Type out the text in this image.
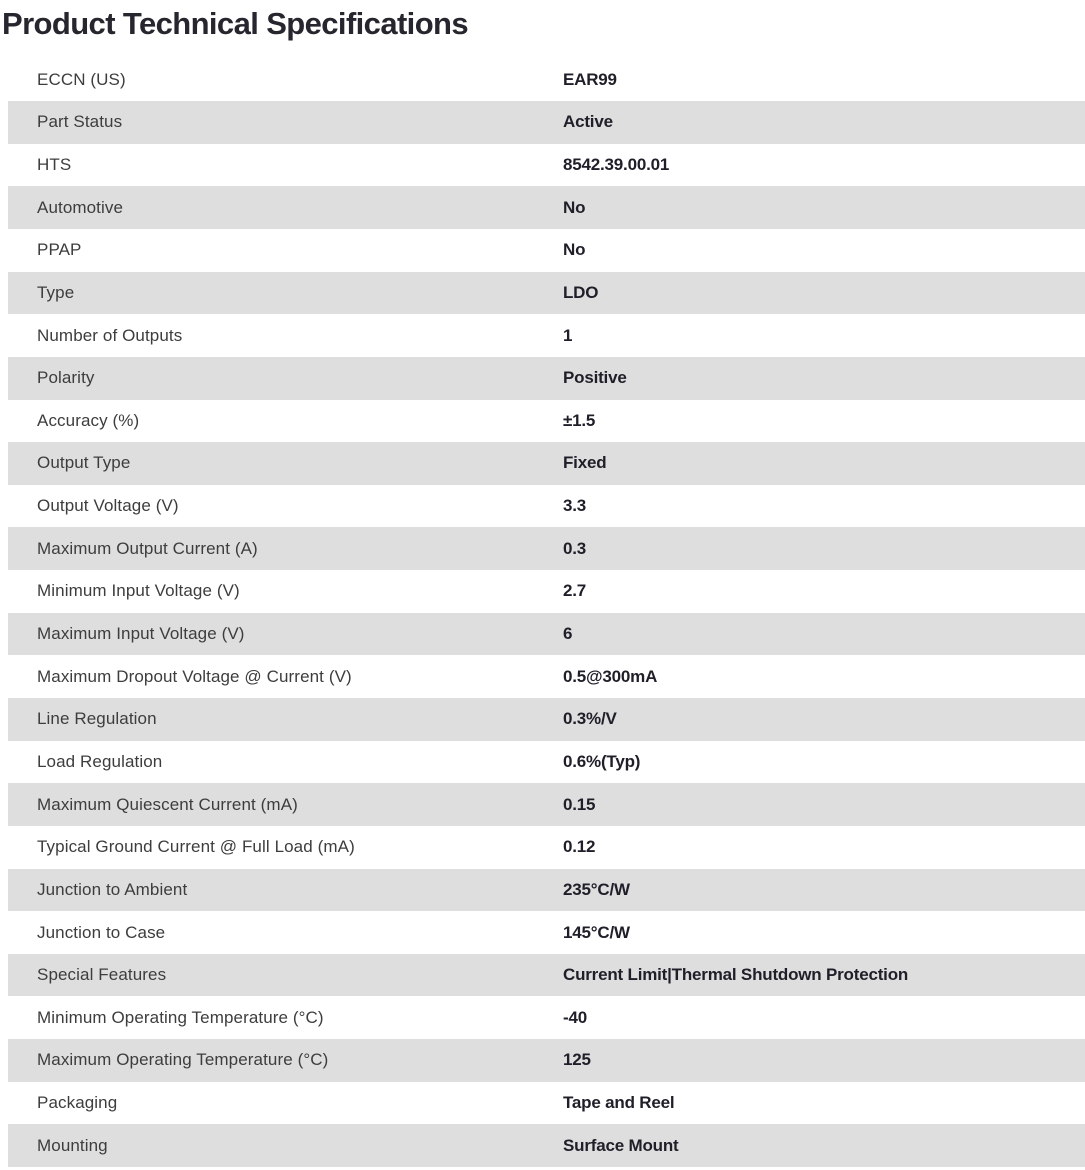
Product Technical Specifications
ECCN (US)	EAR99
Part Status	Active
HTS	8542.39.00.01
Automotive	No
PPAP	No
Type	LDO
Number of Outputs	1
Polarity	Positive
Accuracy (%)	±1.5
Output Type	Fixed
Output Voltage (V)	3.3
Maximum Output Current (A)	0.3
Minimum Input Voltage (V)	2.7
Maximum Input Voltage (V)	6
Maximum Dropout Voltage @ Current (V)	0.5@300mA
Line Regulation	0.3%/V
Load Regulation	0.6%(Typ)
Maximum Quiescent Current (mA)	0.15
Typical Ground Current @ Full Load (mA)	0.12
Junction to Ambient	235°C/W
Junction to Case	145°C/W
Special Features	Current Limit|Thermal Shutdown Protection
Minimum Operating Temperature (°C)	-40
Maximum Operating Temperature (°C)	125
Packaging	Tape and Reel
Mounting	Surface Mount
